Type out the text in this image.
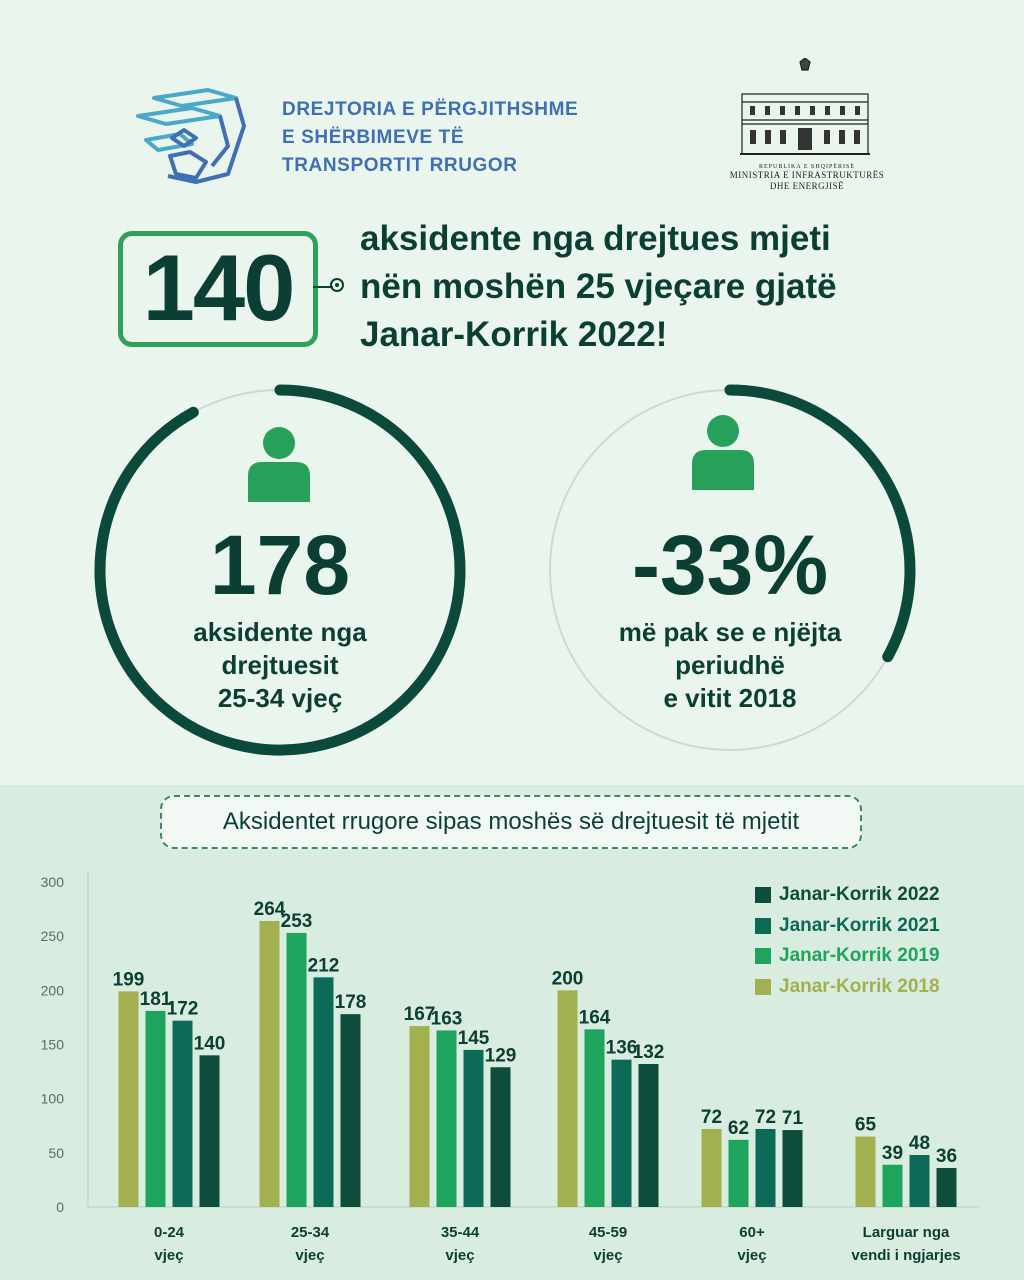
DREJTORIA E PËRGJITHSHME
E SHËRBIMEVE TË
TRANSPORTIT RRUGOR	REPUBLIKA E SHQIPËRISË
MINISTRIA E INFRASTRUKTURËS
DHE ENERGJISË
140	aksidente nga drejtues mjeti
nën moshën 25 vjeçare gjatë
Janar-Korrik 2022!
178
aksidente nga
drejtuesit
25-34 vjeç
-33%
më pak se e njëjta
periudhë
e vitit 2018
Aksidentet rrugore sipas moshës së drejtuesit të mjetit
0
50
100
150
200
250
300
199
181
172
140
0-24
vjeç
264
253
212
178
25-34
vjeç
167
163
145
129
35-44
vjeç
200
164
136
132
45-59
vjeç
72
62
72 71
60+
vjeç
65
39 48
36
Larguar nga
vendi i ngjarjes
Janar-Korrik 2022
Janar-Korrik 2021
Janar-Korrik 2019
Janar-Korrik 2018
